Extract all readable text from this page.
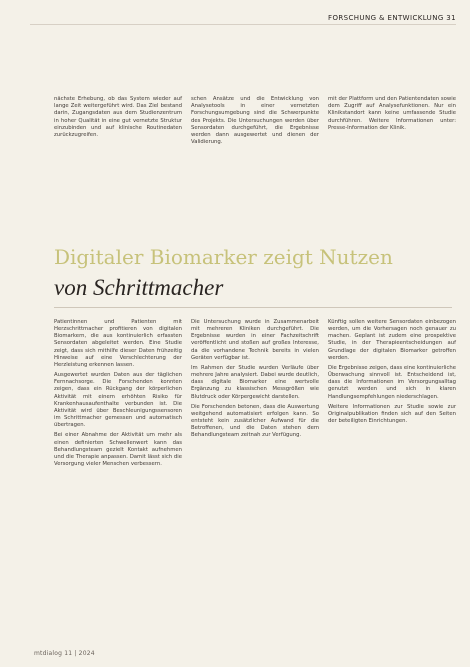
FORSCHUNG & ENTWICKLUNG 31

nächste Erhebung, ob das System wieder auf lange Zeit weitergeführt wird. Das Ziel bestand darin, Zugangsdaten aus dem Studienzentrum in hoher Qualität in eine gut vernetzte Struktur einzubinden und auf klinische Routinedaten zurückzugreifen.

schen Ansätze und die Entwicklung von Analysetools in einer vernetzten Forschungsumgebung sind die Schwerpunkte des Projekts. Die Untersuchungen werden über Sensordaten durchgeführt, die Ergebnisse werden dann ausgewertet und dienen der Validierung.

mit der Plattform und den Patientendaten sowie dem Zugriff auf Analysefunktionen. Nur ein Klinikstandort kann keine umfassende Studie durchführen. Weitere Informationen unter: Presse-Information der Klinik.

Digitaler Biomarker zeigt Nutzen
von Schrittmacher

Patientinnen und Patienten mit Herzschrittmacher profitieren von digitalen Biomarkern, die aus kontinuierlich erfassten Sensordaten abgeleitet werden. Eine Studie zeigt, dass sich mithilfe dieser Daten frühzeitig Hinweise auf eine Verschlechterung der Herzleistung erkennen lassen.

Ausgewertet wurden Daten aus der täglichen Fernnachsorge. Die Forschenden konnten zeigen, dass ein Rückgang der körperlichen Aktivität mit einem erhöhten Risiko für Krankenhausaufenthalte verbunden ist. Die Aktivität wird über Beschleunigungssensoren im Schrittmacher gemessen und automatisch übertragen.

Bei einer Abnahme der Aktivität um mehr als einen definierten Schwellenwert kann das Behandlungsteam gezielt Kontakt aufnehmen und die Therapie anpassen. Damit lässt sich die Versorgung vieler Menschen verbessern.

Die Untersuchung wurde in Zusammenarbeit mit mehreren Kliniken durchgeführt. Die Ergebnisse wurden in einer Fachzeitschrift veröffentlicht und stoßen auf großes Interesse, da die vorhandene Technik bereits in vielen Geräten verfügbar ist.

Im Rahmen der Studie wurden Verläufe über mehrere Jahre analysiert. Dabei wurde deutlich, dass digitale Biomarker eine wertvolle Ergänzung zu klassischen Messgrößen wie Blutdruck oder Körpergewicht darstellen.

Die Forschenden betonen, dass die Auswertung weitgehend automatisiert erfolgen kann. So entsteht kein zusätzlicher Aufwand für die Betroffenen, und die Daten stehen dem Behandlungsteam zeitnah zur Verfügung.

Künftig sollen weitere Sensordaten einbezogen werden, um die Vorhersagen noch genauer zu machen. Geplant ist zudem eine prospektive Studie, in der Therapieentscheidungen auf Grundlage der digitalen Biomarker getroffen werden.

Die Ergebnisse zeigen, dass eine kontinuierliche Überwachung sinnvoll ist. Entscheidend ist, dass die Informationen im Versorgungsalltag genutzt werden und sich in klaren Handlungsempfehlungen niederschlagen.

Weitere Informationen zur Studie sowie zur Originalpublikation finden sich auf den Seiten der beteiligten Einrichtungen.

mtdialog 11 | 2024
